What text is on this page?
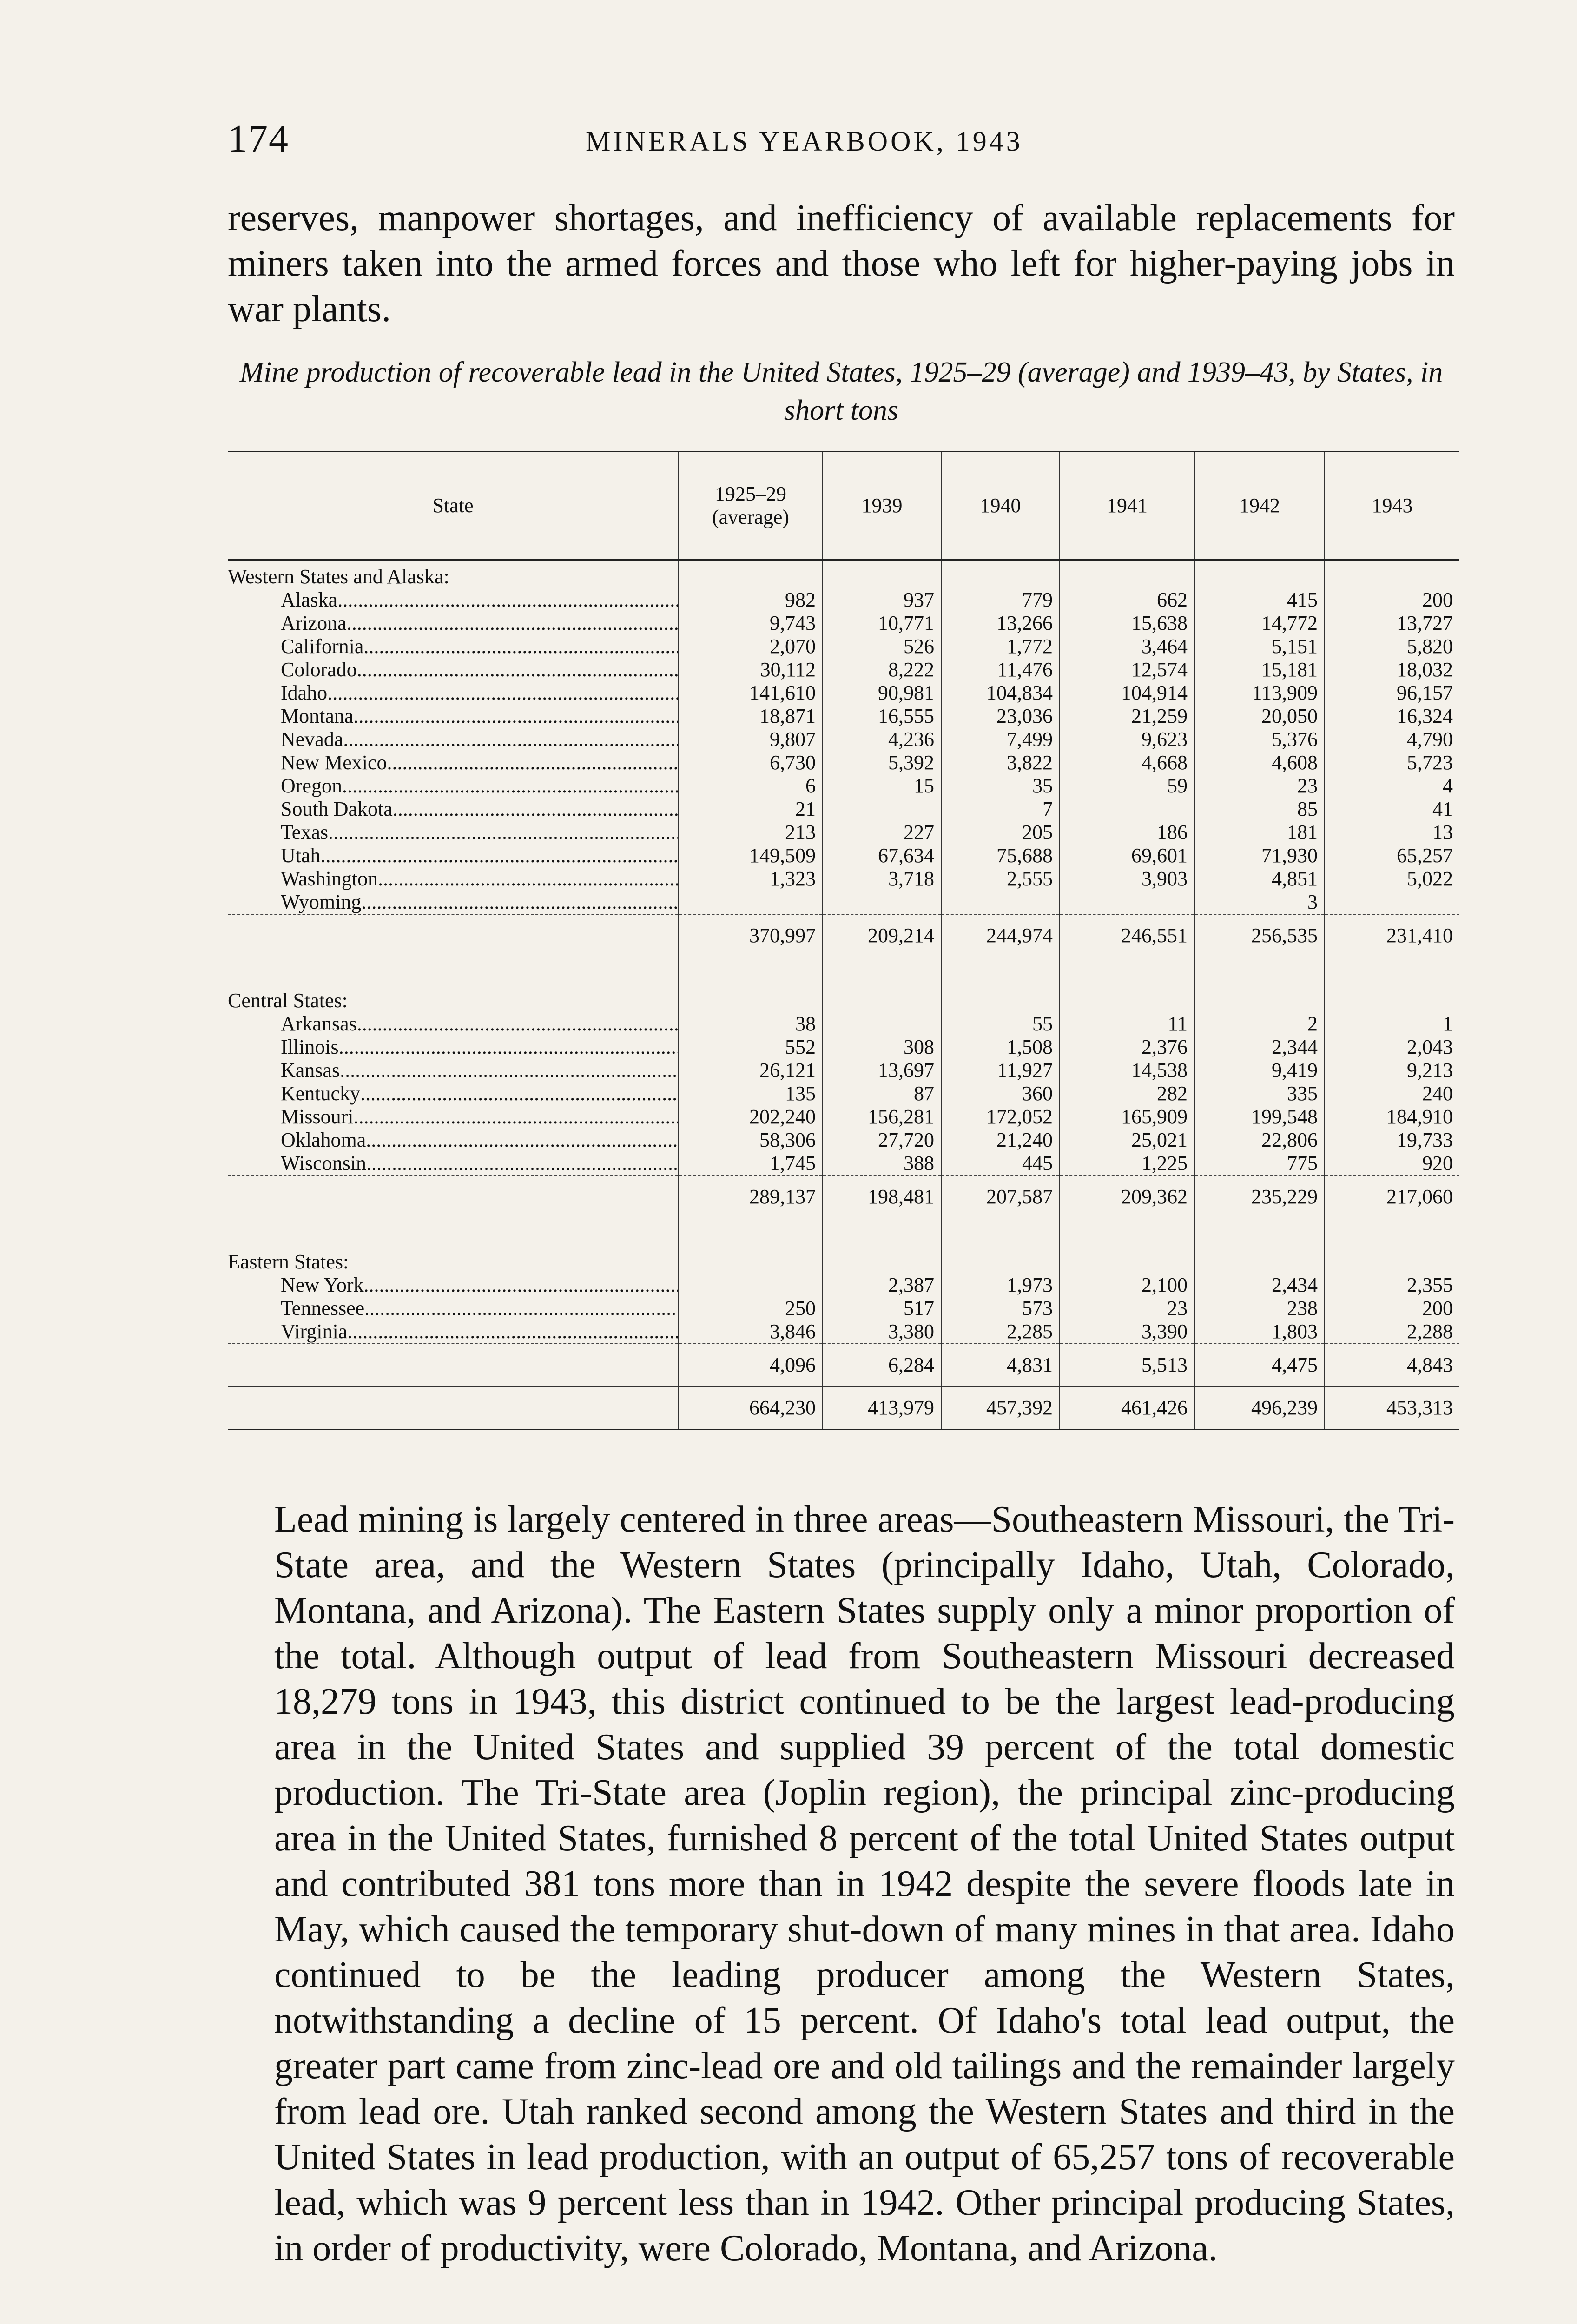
174	MINERALS YEARBOOK, 1943
reserves, manpower shortages, and inefficiency of available replacements for miners taken into the armed forces and those who left for higher-paying jobs in war plants.
Mine production of recoverable lead in the United States, 1925–29 (average) and 1939–43, by States, in short tons
State	1925–29 (average)	1939	1940	1941	1942	1943
Western States and Alaska:						
Alaska.....	982	937	779	662	415	200
Arizona.....	9,743	10,771	13,266	15,638	14,772	13,727
California.....	2,070	526	1,772	3,464	5,151	5,820
Colorado.....	30,112	8,222	11,476	12,574	15,181	18,032
Idaho.....	141,610	90,981	104,834	104,914	113,909	96,157
Montana.....	18,871	16,555	23,036	21,259	20,050	16,324
Nevada.....	9,807	4,236	7,499	9,623	5,376	4,790
New Mexico.....	6,730	5,392	3,822	4,668	4,608	5,723
Oregon.....	6	15	35	59	23	4
South Dakota.....	21		7		85	41
Texas.....	213	227	205	186	181	13
Utah.....	149,509	67,634	75,688	69,601	71,930	65,257
Washington.....	1,323	3,718	2,555	3,903	4,851	5,022
Wyoming.....					3	
	370,997	209,214	244,974	246,551	256,535	231,410

Central States:						
Arkansas.....	38		55	11	2	1
Illinois.....	552	308	1,508	2,376	2,344	2,043
Kansas.....	26,121	13,697	11,927	14,538	9,419	9,213
Kentucky.....	135	87	360	282	335	240
Missouri.....	202,240	156,281	172,052	165,909	199,548	184,910
Oklahoma.....	58,306	27,720	21,240	25,021	22,806	19,733
Wisconsin.....	1,745	388	445	1,225	775	920
	289,137	198,481	207,587	209,362	235,229	217,060

Eastern States:						
New York.....		2,387	1,973	2,100	2,434	2,355
Tennessee.....	250	517	573	23	238	200
Virginia.....	3,846	3,380	2,285	3,390	1,803	2,288
	4,096	6,284	4,831	5,513	4,475	4,843
	664,230	413,979	457,392	461,426	496,239	453,313

Lead mining is largely centered in three areas—Southeastern Missouri, the Tri-State area, and the Western States (principally Idaho, Utah, Colorado, Montana, and Arizona). The Eastern States supply only a minor proportion of the total. Although output of lead from Southeastern Missouri decreased 18,279 tons in 1943, this district continued to be the largest lead-producing area in the United States and supplied 39 percent of the total domestic production. The Tri-State area (Joplin region), the principal zinc-producing area in the United States, furnished 8 percent of the total United States output and contributed 381 tons more than in 1942 despite the severe floods late in May, which caused the temporary shut-down of many mines in that area. Idaho continued to be the leading producer among the Western States, notwithstanding a decline of 15 percent. Of Idaho's total lead output, the greater part came from zinc-lead ore and old tailings and the remainder largely from lead ore. Utah ranked second among the Western States and third in the United States in lead production, with an output of 65,257 tons of recoverable lead, which was 9 percent less than in 1942. Other principal producing States, in order of productivity, were Colorado, Montana, and Arizona.
